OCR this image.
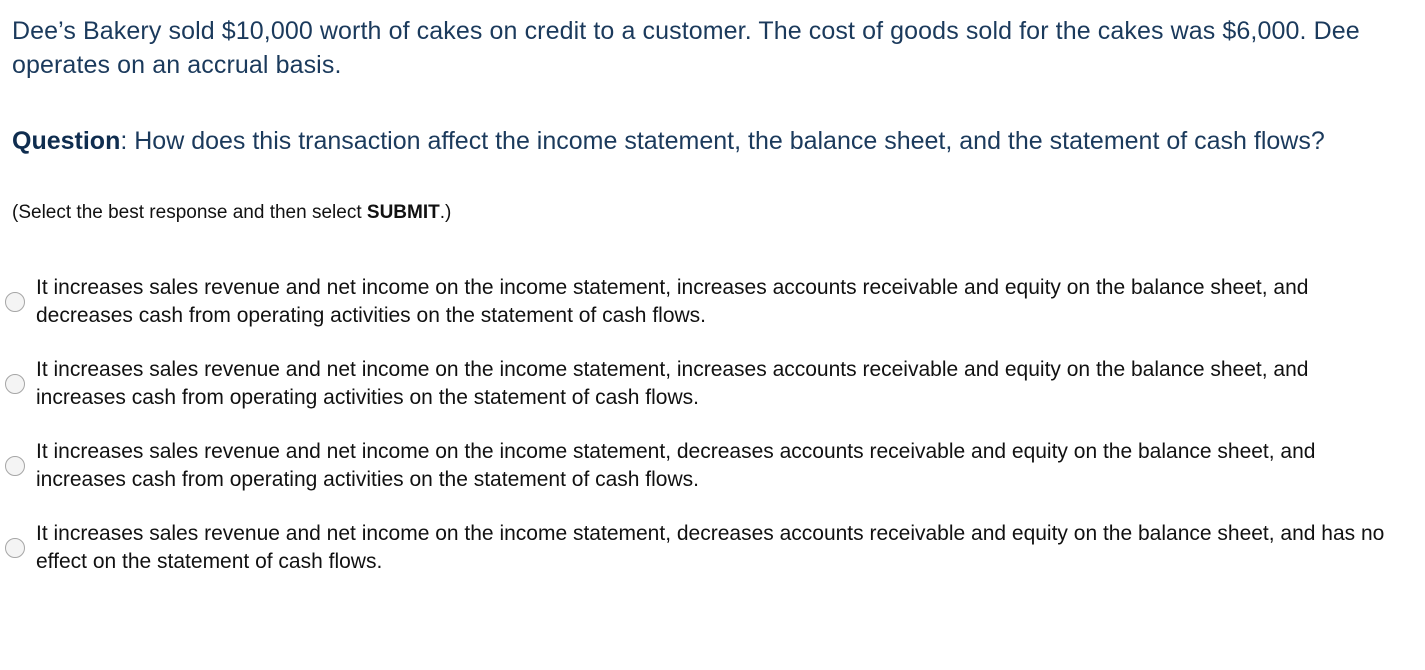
Dee’s Bakery sold $10,000 worth of cakes on credit to a customer. The cost of goods sold for the cakes was $6,000. Dee operates on an accrual basis.

Question: How does this transaction affect the income statement, the balance sheet, and the statement of cash flows?

(Select the best response and then select SUBMIT.)

It increases sales revenue and net income on the income statement, increases accounts receivable and equity on the balance sheet, and decreases cash from operating activities on the statement of cash flows.
It increases sales revenue and net income on the income statement, increases accounts receivable and equity on the balance sheet, and increases cash from operating activities on the statement of cash flows.
It increases sales revenue and net income on the income statement, decreases accounts receivable and equity on the balance sheet, and increases cash from operating activities on the statement of cash flows.
It increases sales revenue and net income on the income statement, decreases accounts receivable and equity on the balance sheet, and has no effect on the statement of cash flows.
